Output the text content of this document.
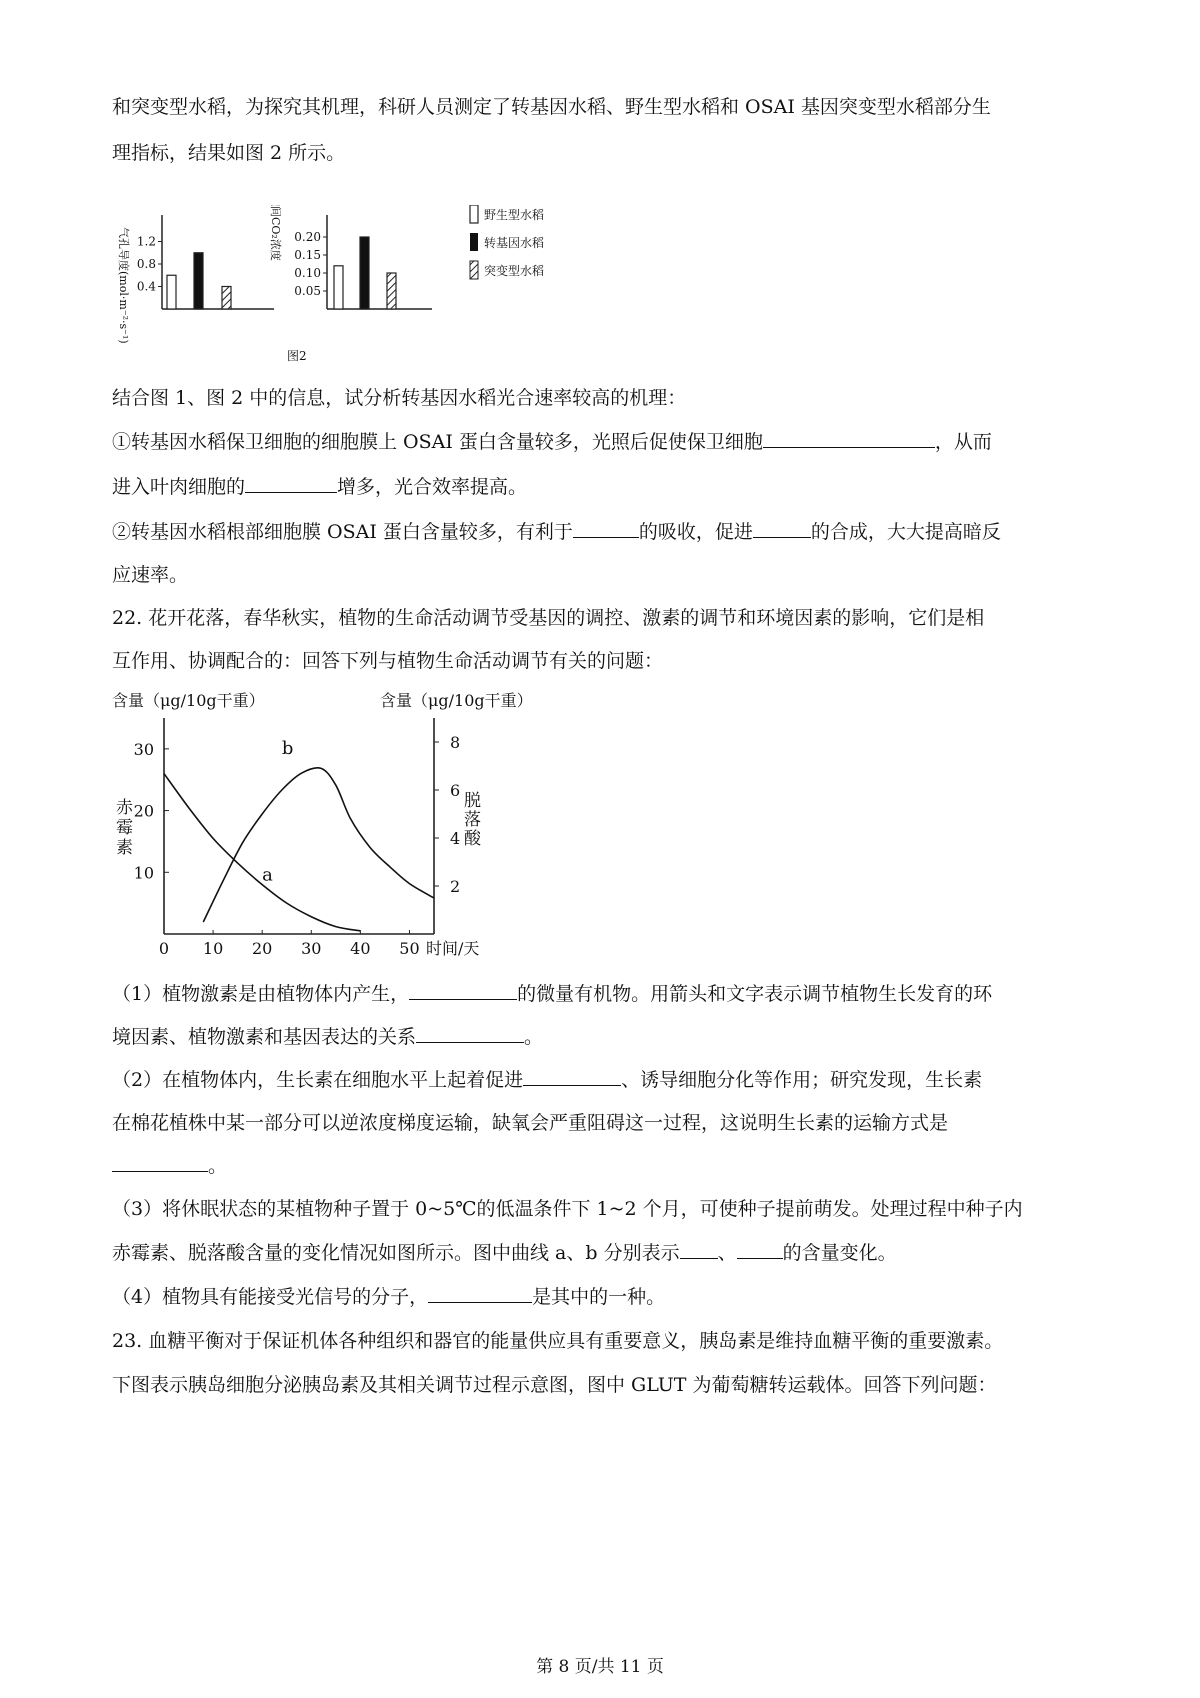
和突变型水稻，为探究其机理，科研人员测定了转基因水稻、野生型水稻和 OSAI 基因突变型水稻部分生
理指标，结果如图 2 所示。
0.4
0.8
1.2
气孔导度(mol·m⁻²·s⁻¹)	0.05
0.10
0.15
0.20
胞间CO₂浓度	野生型水稻
转基因水稻
突变型水稻
图2
结合图 1、图 2 中的信息，试分析转基因水稻光合速率较高的机理：
①转基因水稻保卫细胞的细胞膜上 OSAI 蛋白含量较多，光照后促使保卫细胞	，从而
进入叶肉细胞的	增多，光合效率提高。
②转基因水稻根部细胞膜 OSAI 蛋白含量较多，有利于	的吸收，促进	的合成，大大提高暗反
应速率。
22. 花开花落，春华秋实，植物的生命活动调节受基因的调控、激素的调节和环境因素的影响，它们是相
互作用、协调配合的：回答下列与植物生命活动调节有关的问题：
含量（μg/10g干重）	含量（μg/10g干重）
0 10 20 30 40 50
10
20
30
2
4
6
8
a
b
赤 霉 素
脱 落 酸
时间/天
（1）植物激素是由植物体内产生，	的微量有机物。用箭头和文字表示调节植物生长发育的环
境因素、植物激素和基因表达的关系	。
（2）在植物体内，生长素在细胞水平上起着促进	、诱导细胞分化等作用；研究发现，生长素
在棉花植株中某一部分可以逆浓度梯度运输，缺氧会严重阻碍这一过程，这说明生长素的运输方式是
。
（3）将休眠状态的某植物种子置于 0~5℃的低温条件下 1~2 个月，可使种子提前萌发。处理过程中种子内
赤霉素、脱落酸含量的变化情况如图所示。图中曲线 a、b 分别表示 、 的含量变化。
（4）植物具有能接受光信号的分子，	是其中的一种。
23. 血糖平衡对于保证机体各种组织和器官的能量供应具有重要意义，胰岛素是维持血糖平衡的重要激素。
下图表示胰岛细胞分泌胰岛素及其相关调节过程示意图，图中 GLUT 为葡萄糖转运载体。回答下列问题：
第 8 页/共 11 页
